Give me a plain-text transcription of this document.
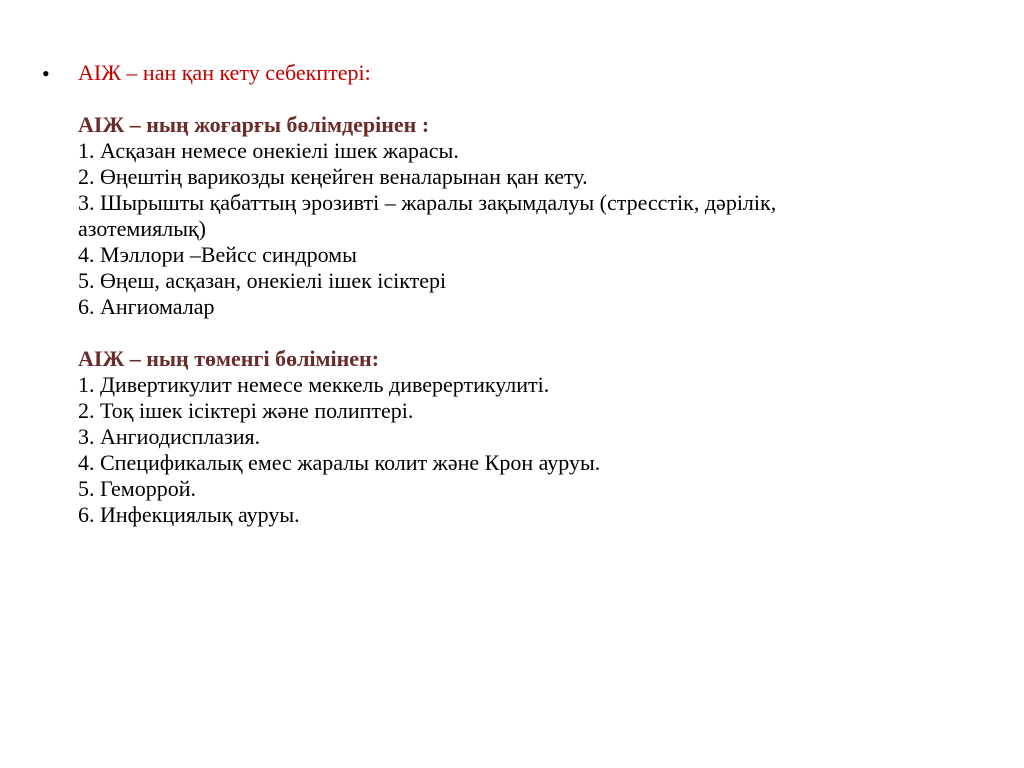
• АІЖ – нан қан кету себекптері:
АІЖ – ның жоғарғы бөлімдерінен :
1. Асқазан немесе онекіелі ішек жарасы.
2. Өңештің варикозды кеңейген веналарынан қан кету.
3. Шырышты қабаттың эрозивті – жаралы зақымдалуы (стресстік, дәрілік,
азотемиялық)
4. Мэллори –Вейсс синдромы
5. Өңеш, асқазан, онекіелі ішек ісіктері
6. Ангиомалар
АІЖ – ның төменгі бөлімінен:
1. Дивертикулит немесе меккель диверертикулиті.
2. Тоқ ішек ісіктері және полиптері.
3. Ангиодисплазия.
4. Спецификалық емес жаралы колит және Крон ауруы.
5. Геморрой.
6. Инфекциялық ауруы.
